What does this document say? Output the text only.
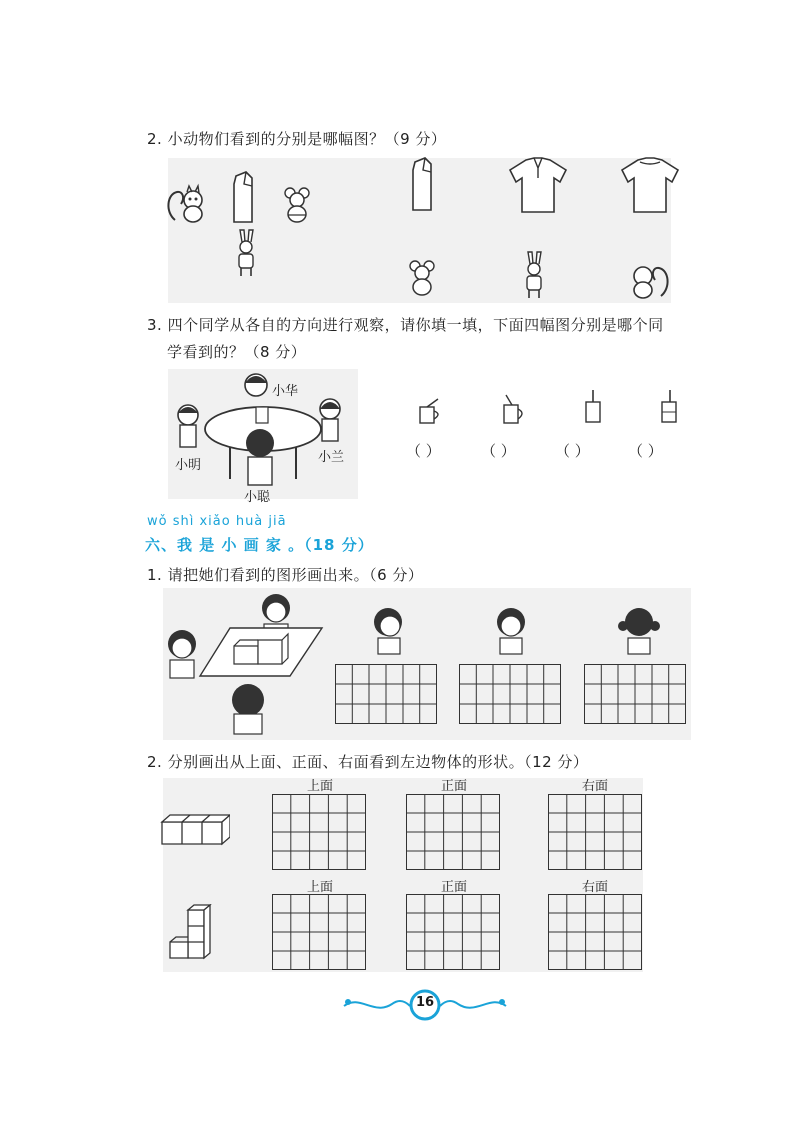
2. 小动物们看到的分别是哪幅图？（9 分）
3. 四个同学从各自的方向进行观察，请你填一填，下面四幅图分别是哪个同
学看到的？（8 分）
小华
小明
小兰
小聪
（ ）	（ ）	（ ）	（ ）
wǒ shì xiǎo huà jiā
六、我 是 小 画 家 。（18 分）
1. 请把她们看到的图形画出来。（6 分）
2. 分别画出从上面、正面、右面看到左边物体的形状。（12 分）
上面	正面	右面
上面	正面	右面
16
